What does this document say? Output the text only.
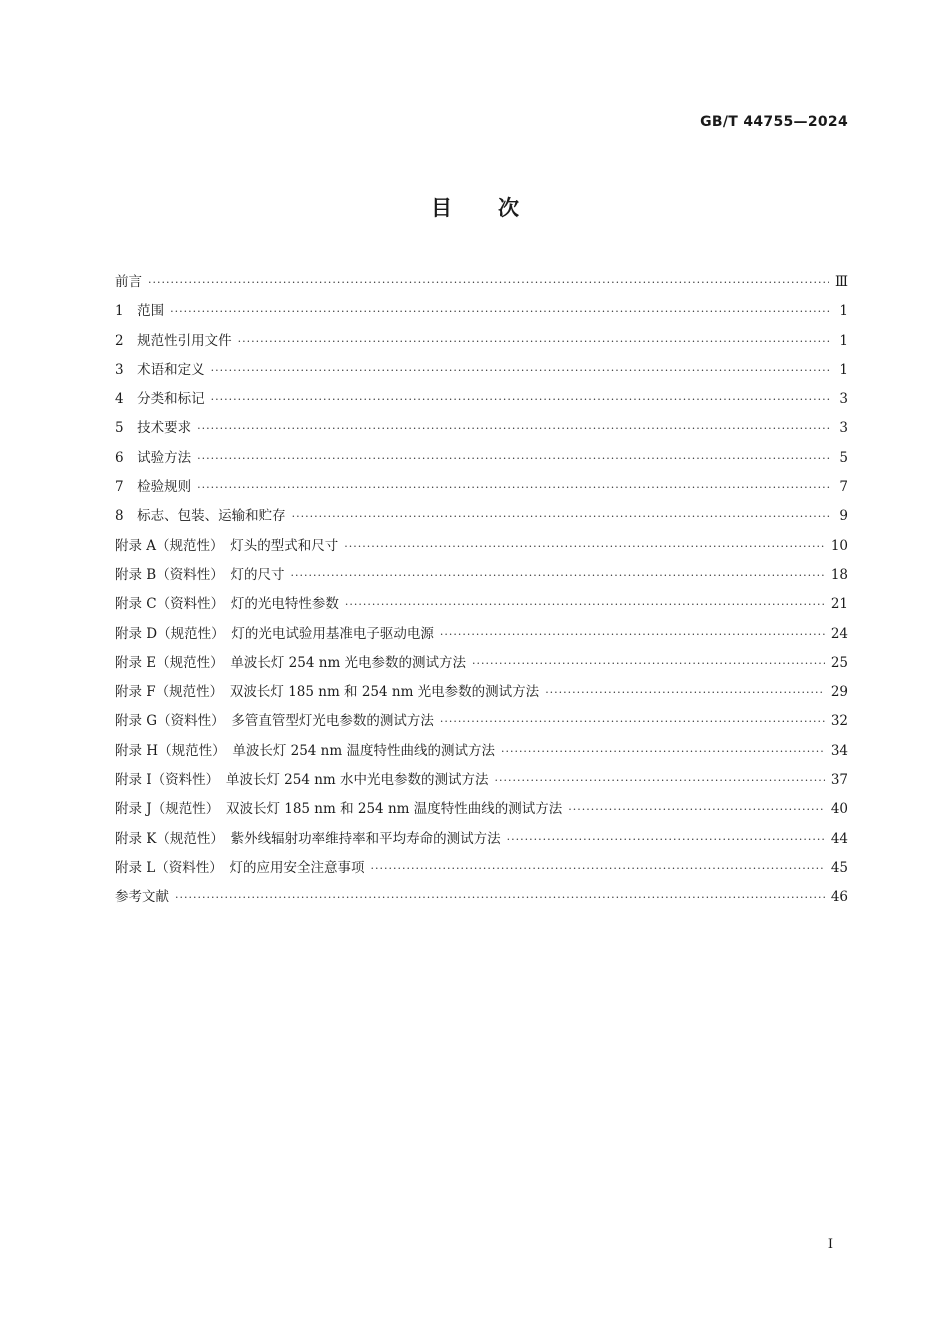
GB/T 44755—2024
目次
前言 ·····	Ⅲ
1　范围 ·····	1
2　规范性引用文件 ·····	1
3　术语和定义 ·····	1
4　分类和标记 ·····	3
5　技术要求 ·····	3
6　试验方法 ·····	5
7　检验规则 ·····	7
8　标志、包装、运输和贮存 ·····	9
附录 A（规范性）　灯头的型式和尺寸 ·····	10
附录 B（资料性）　灯的尺寸 ·····	18
附录 C（资料性）　灯的光电特性参数 ·····	21
附录 D（规范性）　灯的光电试验用基准电子驱动电源 ·····	24
附录 E（规范性）　单波长灯 254 nm 光电参数的测试方法 ·····	25
附录 F（规范性）　双波长灯 185 nm 和 254 nm 光电参数的测试方法 ·····	29
附录 G（资料性）　多管直管型灯光电参数的测试方法 ·····	32
附录 H（规范性）　单波长灯 254 nm 温度特性曲线的测试方法 ·····	34
附录 I（资料性）　单波长灯 254 nm 水中光电参数的测试方法 ·····	37
附录 J（规范性）　双波长灯 185 nm 和 254 nm 温度特性曲线的测试方法 ·····	40
附录 K（规范性）　紫外线辐射功率维持率和平均寿命的测试方法 ·····	44
附录 L（资料性）　灯的应用安全注意事项 ·····	45
参考文献 ·····	46
I
